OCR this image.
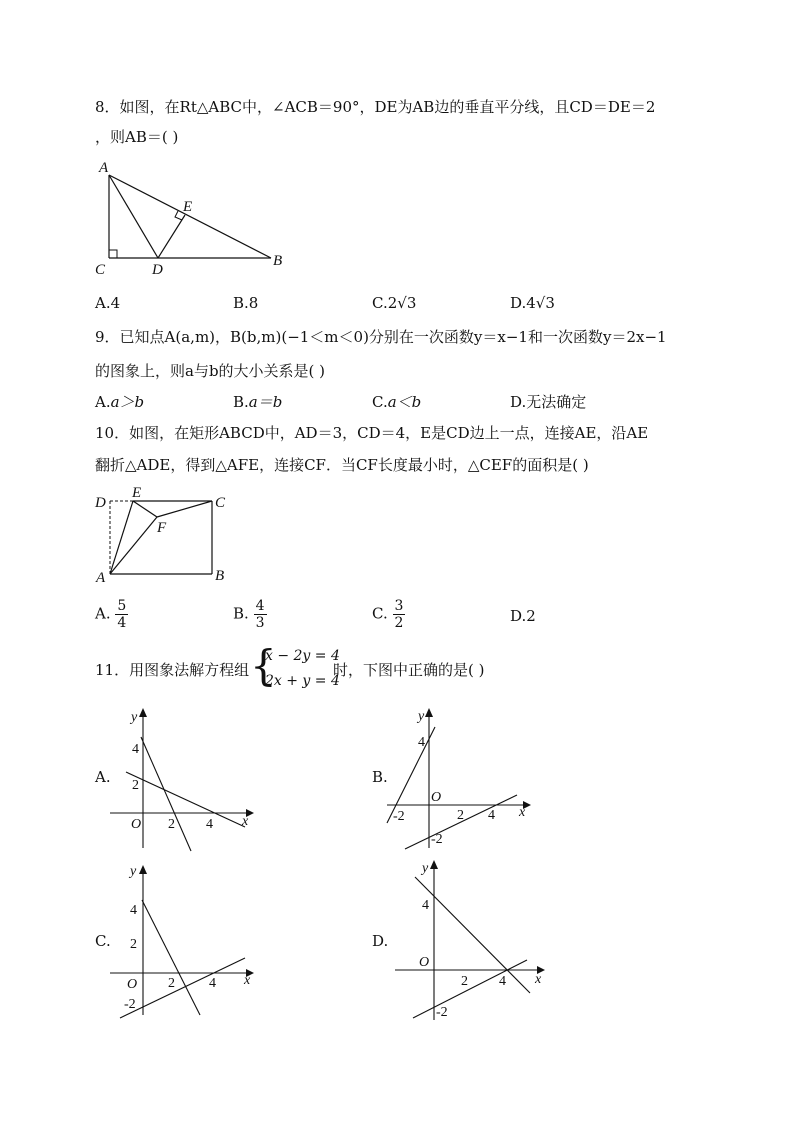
8．如图，在Rt△ABC中，∠ACB＝90°，DE为AB边的垂直平分线，且CD＝DE＝2
，则AB＝( )
A
E
C	D
B
A.4	B.8	C.2√3	D.4√3
9．已知点A(a,m)，B(b,m)(−1＜m＜0)分别在一次函数y＝x−1和一次函数y＝2x−1
的图象上，则a与b的大小关系是( )
A.a＞b	B.a＝b	C.a＜b	D.无法确定
10．如图，在矩形ABCD中，AD＝3，CD＝4，E是CD边上一点，连接AE，沿AE
翻折△ADE，得到△AFE，连接CF．当CF长度最小时，△CEF的面积是( )
D
E
C
F
A	B
A. $\frac{5}{4}$	B. $\frac{4}{3}$	C. $\frac{3}{2}$	D.2
11．用图象法解方程组 {
x − 2y = 4
2x + y = 4
时，下图中正确的是( )
A.
y
x
O
4
2
2 4
B.
y
x
O
4
-2	2 4
-2
C.
y
x
O
4
2
2 4
-2
D.
y
x
O
4
2 4
-2
